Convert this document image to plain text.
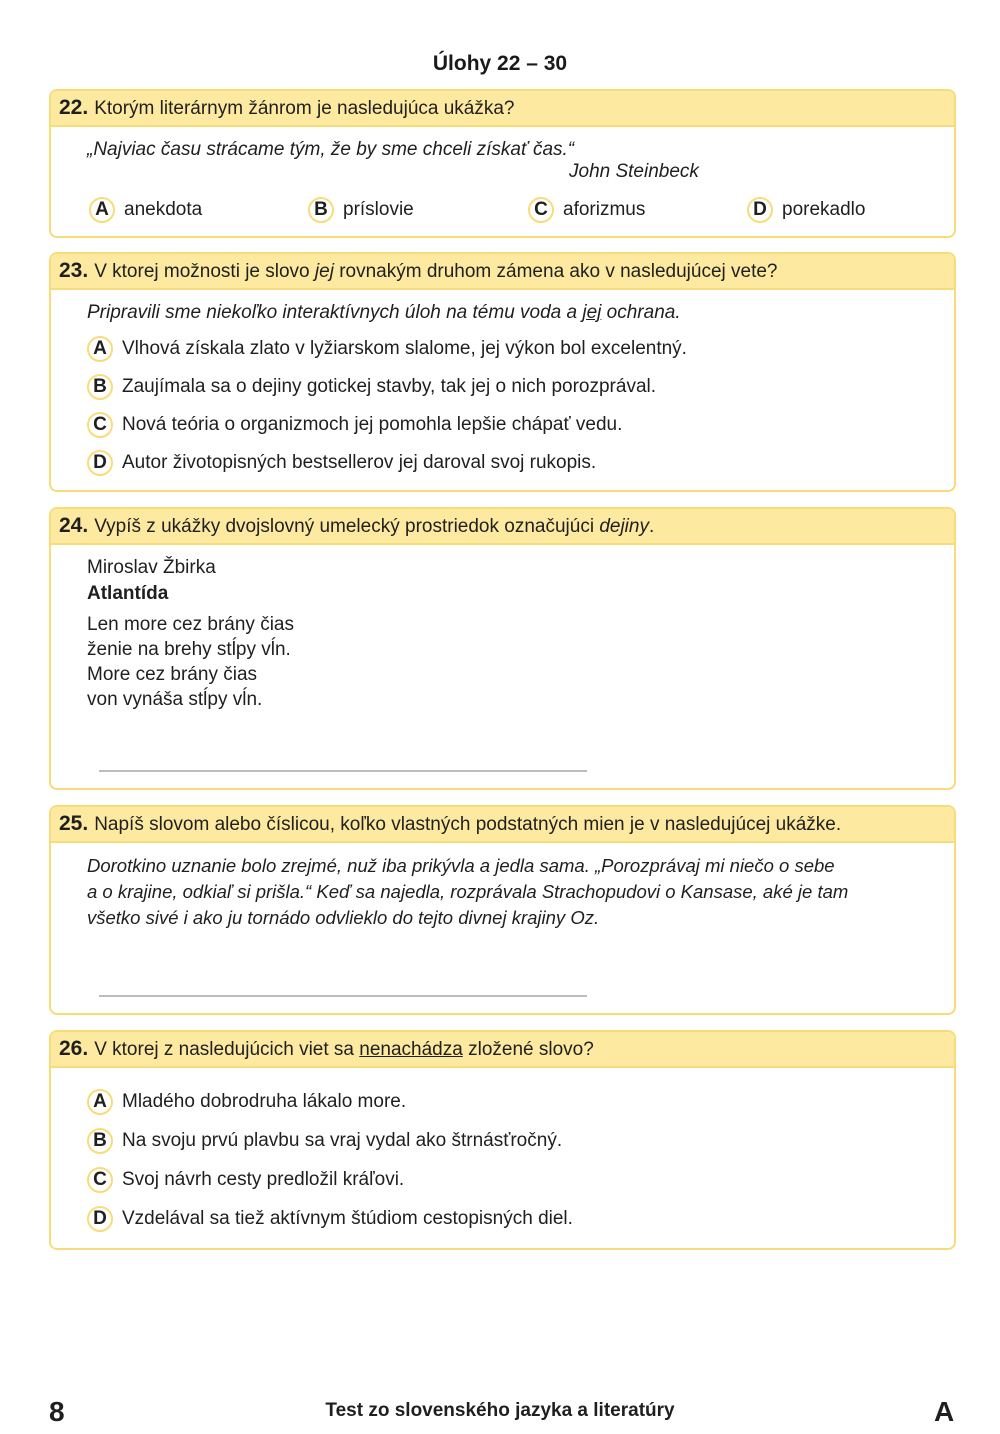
Úlohy 22 – 30
22. Ktorým literárnym žánrom je nasledujúca ukážka?
„Najviac času strácame tým, že by sme chceli získať čas.“
John Steinbeck
A anekdota	B príslovie	C aforizmus	D porekadlo
23. V ktorej možnosti je slovo jej rovnakým druhom zámena ako v nasledujúcej vete?
Pripravili sme niekoľko interaktívnych úloh na tému voda a jej ochrana.
A Vlhová získala zlato v lyžiarskom slalome, jej výkon bol excelentný.
B Zaujímala sa o dejiny gotickej stavby, tak jej o nich porozprával.
C Nová teória o organizmoch jej pomohla lepšie chápať vedu.
D Autor životopisných bestsellerov jej daroval svoj rukopis.
24. Vypíš z ukážky dvojslovný umelecký prostriedok označujúci dejiny.
Miroslav Žbirka
Atlantída
Len more cez brány čias
ženie na brehy stĺpy vĺn.
More cez brány čias
von vynáša stĺpy vĺn.
25. Napíš slovom alebo číslicou, koľko vlastných podstatných mien je v nasledujúcej ukážke.
Dorotkino uznanie bolo zrejmé, nuž iba prikývla a jedla sama. „Porozprávaj mi niečo o sebe
a o krajine, odkiaľ si prišla.“ Keď sa najedla, rozprávala Strachopudovi o Kansase, aké je tam
všetko sivé i ako ju tornádo odvlieklo do tejto divnej krajiny Oz.
26. V ktorej z nasledujúcich viet sa nenachádza zložené slovo?
A Mladého dobrodruha lákalo more.
B Na svoju prvú plavbu sa vraj vydal ako štrnásťročný.
C Svoj návrh cesty predložil kráľovi.
D Vzdelával sa tiež aktívnym štúdiom cestopisných diel.
8	Test zo slovenského jazyka a literatúry	A
